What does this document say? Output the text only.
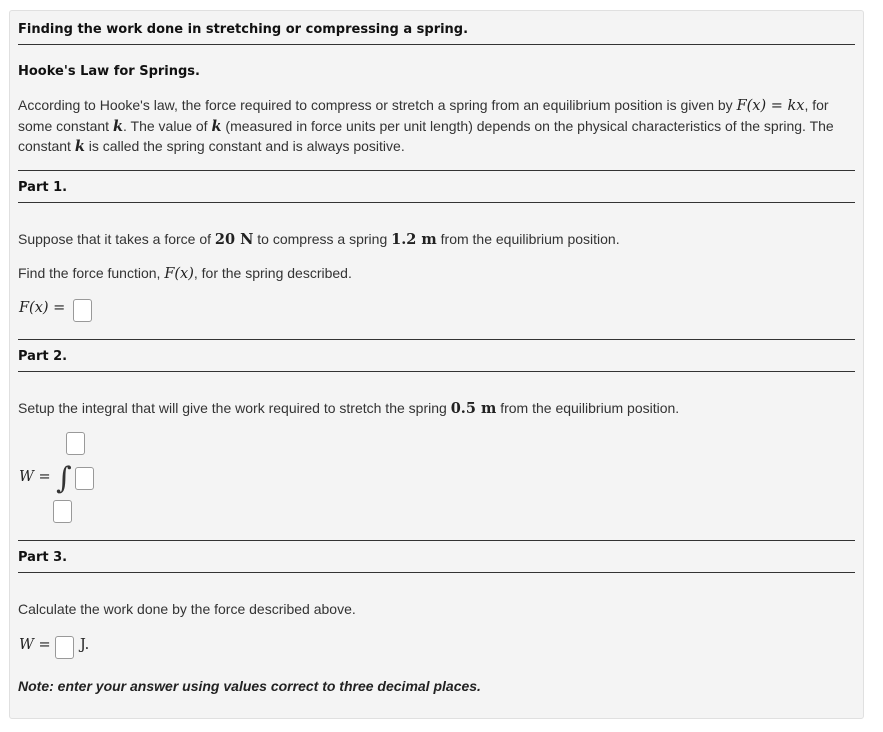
Finding the work done in stretching or compressing a spring.
Hooke's Law for Springs.
According to Hooke's law, the force required to compress or stretch a spring from an equilibrium position is given by F(x) = kx, for
some constant k. The value of k (measured in force units per unit length) depends on the physical characteristics of the spring. The
constant k is called the spring constant and is always positive.
Part 1.
Suppose that it takes a force of 20 N to compress a spring 1.2 m from the equilibrium position.
Find the force function, F(x), for the spring described.
F(x) =
Part 2.
Setup the integral that will give the work required to stretch the spring 0.5 m from the equilibrium position.
W = ∫
Part 3.
Calculate the work done by the force described above.
W = J.
Note: enter your answer using values correct to three decimal places.
